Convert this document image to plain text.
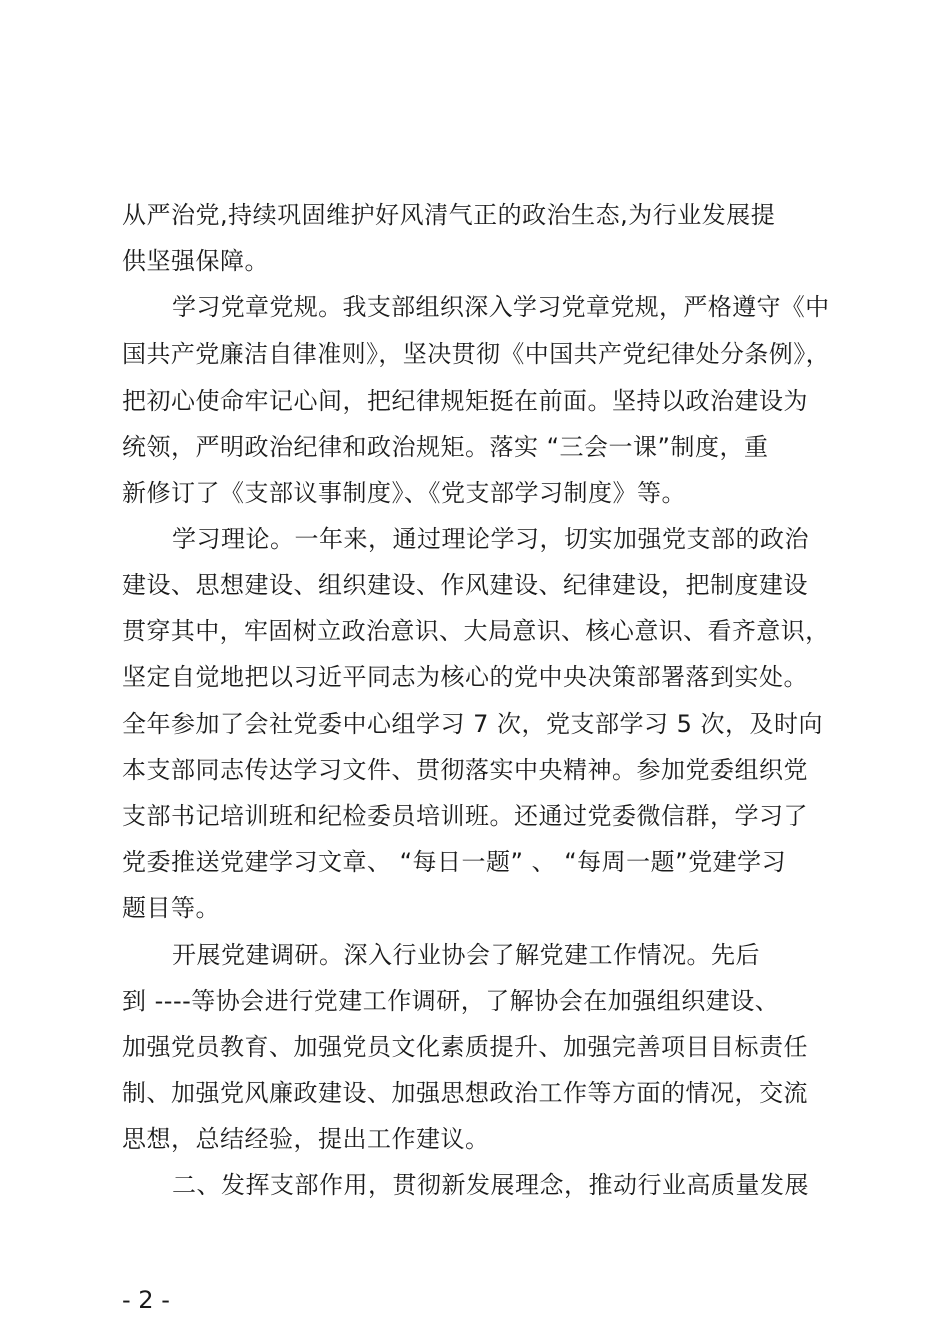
从严治党,持续巩固维护好风清气正的政治生态,为行业发展提
供坚强保障。
学习党章党规。我支部组织深入学习党章党规，严格遵守《中
国共产党廉洁自律准则》，坚决贯彻《中国共产党纪律处分条例》，
把初心使命牢记心间，把纪律规矩挺在前面。坚持以政治建设为
统领，严明政治纪律和政治规矩。落实 “三会一课”制度，重
新修订了《支部议事制度》、《党支部学习制度》等。
学习理论。一年来，通过理论学习，切实加强党支部的政治
建设、思想建设、组织建设、作风建设、纪律建设，把制度建设
贯穿其中，牢固树立政治意识、大局意识、核心意识、看齐意识，
坚定自觉地把以习近平同志为核心的党中央决策部署落到实处。
全年参加了会社党委中心组学习 7 次，党支部学习 5 次，及时向
本支部同志传达学习文件、贯彻落实中央精神。参加党委组织党
支部书记培训班和纪检委员培训班。还通过党委微信群，学习了
党委推送党建学习文章、 “每日一题” 、 “每周一题”党建学习
题目等。
开展党建调研。深入行业协会了解党建工作情况。先后
到 ----等协会进行党建工作调研，了解协会在加强组织建设、
加强党员教育、加强党员文化素质提升、加强完善项目目标责任
制、加强党风廉政建设、加强思想政治工作等方面的情况，交流
思想，总结经验，提出工作建议。
二、发挥支部作用，贯彻新发展理念，推动行业高质量发展
- 2 -
